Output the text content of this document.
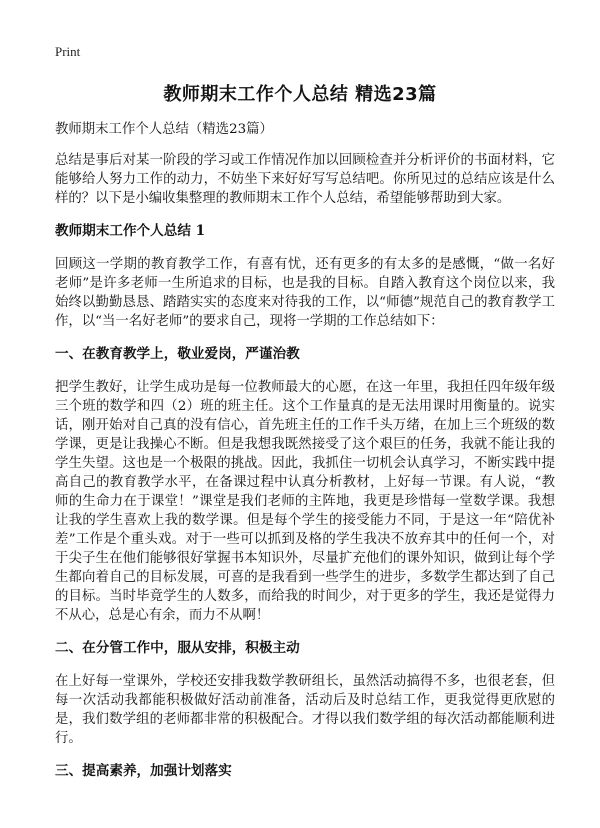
Print
教师期末工作个人总结 精选23篇

教师期末工作个人总结（精选23篇）

总结是事后对某一阶段的学习或工作情况作加以回顾检查并分析评价的书面材料，它能够给人努力工作的动力，不妨坐下来好好写写总结吧。你所见过的总结应该是什么样的？以下是小编收集整理的教师期末工作个人总结，希望能够帮助到大家。

教师期末工作个人总结 1

回顾这一学期的教育教学工作，有喜有忧，还有更多的有太多的是感慨，“做一名好老师”是许多老师一生所追求的目标，也是我的目标。自踏入教育这个岗位以来，我始终以勤勤恳恳、踏踏实实的态度来对待我的工作，以“师德”规范自己的教育教学工作，以“当一名好老师”的要求自己，现将一学期的工作总结如下：

一、在教育教学上，敬业爱岗，严谨治教

把学生教好，让学生成功是每一位教师最大的心愿，在这一年里，我担任四年级年级三个班的数学和四（2）班的班主任。这个工作量真的是无法用课时用衡量的。说实话，刚开始对自己真的没有信心，首先班主任的工作千头万绪，在加上三个班级的数学课，更是让我操心不断。但是我想我既然接受了这个艰巨的任务，我就不能让我的学生失望。这也是一个极限的挑战。因此，我抓住一切机会认真学习，不断实践中提高自己的教育教学水平，在备课过程中认真分析教材，上好每一节课。有人说，“教师的生命力在于课堂！”课堂是我们老师的主阵地，我更是珍惜每一堂数学课。我想让我的学生喜欢上我的数学课。但是每个学生的接受能力不同，于是这一年“陪优补差”工作是个重头戏。对于一些可以抓到及格的学生我决不放弃其中的任何一个，对于尖子生在他们能够很好掌握书本知识外，尽量扩充他们的课外知识，做到让每个学生都向着自己的目标发展，可喜的是我看到一些学生的进步，多数学生都达到了自己的目标。当时毕竟学生的人数多，而给我的时间少，对于更多的学生，我还是觉得力不从心，总是心有余，而力不从啊！

二、在分管工作中，服从安排，积极主动

在上好每一堂课外，学校还安排我数学教研组长，虽然活动搞得不多，也很老套，但每一次活动我都能积极做好活动前准备，活动后及时总结工作，更我觉得更欣慰的是，我们数学组的老师都非常的积极配合。才得以我们数学组的每次活动都能顺利进行。

三、提高素养，加强计划落实
